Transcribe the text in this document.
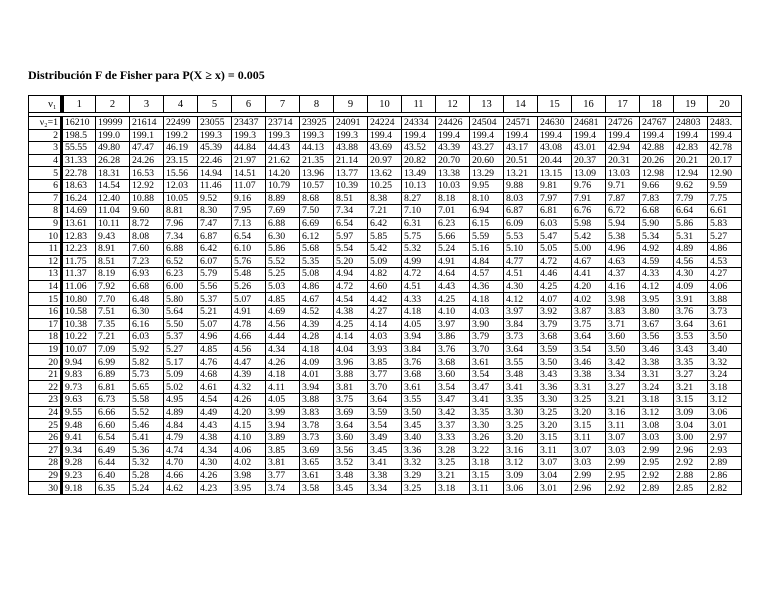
Distribución F de Fisher para P(X ≥ x) = 0.005
ν₁	1	2	3	4	5	6	7	8	9	10	11	12	13	14	15	16	17	18	19	20

ν₂=1	16210	19999	21614	22499	23055	23437	23714	23925	24091	24224	24334	24426	24504	24571	24630	24681	24726	24767	24803	2483.
2	198.5	199.0	199.1	199.2	199.3	199.3	199.3	199.3	199.3	199.4	199.4	199.4	199.4	199.4	199.4	199.4	199.4	199.4	199.4	199.4
3	55.55	49.80	47.47	46.19	45.39	44.84	44.43	44.13	43.88	43.69	43.52	43.39	43.27	43.17	43.08	43.01	42.94	42.88	42.83	42.78
4	31.33	26.28	24.26	23.15	22.46	21.97	21.62	21.35	21.14	20.97	20.82	20.70	20.60	20.51	20.44	20.37	20.31	20.26	20.21	20.17
5	22.78	18.31	16.53	15.56	14.94	14.51	14.20	13.96	13.77	13.62	13.49	13.38	13.29	13.21	13.15	13.09	13.03	12.98	12.94	12.90
6	18.63	14.54	12.92	12.03	11.46	11.07	10.79	10.57	10.39	10.25	10.13	10.03	9.95	9.88	9.81	9.76	9.71	9.66	9.62	9.59
7	16.24	12.40	10.88	10.05	9.52	9.16	8.89	8.68	8.51	8.38	8.27	8.18	8.10	8.03	7.97	7.91	7.87	7.83	7.79	7.75
8	14.69	11.04	9.60	8.81	8.30	7.95	7.69	7.50	7.34	7.21	7.10	7.01	6.94	6.87	6.81	6.76	6.72	6.68	6.64	6.61
9	13.61	10.11	8.72	7.96	7.47	7.13	6.88	6.69	6.54	6.42	6.31	6.23	6.15	6.09	6.03	5.98	5.94	5.90	5.86	5.83
10	12.83	9.43	8.08	7.34	6.87	6.54	6.30	6.12	5.97	5.85	5.75	5.66	5.59	5.53	5.47	5.42	5.38	5.34	5.31	5.27
11	12.23	8.91	7.60	6.88	6.42	6.10	5.86	5.68	5.54	5.42	5.32	5.24	5.16	5.10	5.05	5.00	4.96	4.92	4.89	4.86
12	11.75	8.51	7.23	6.52	6.07	5.76	5.52	5.35	5.20	5.09	4.99	4.91	4.84	4.77	4.72	4.67	4.63	4.59	4.56	4.53
13	11.37	8.19	6.93	6.23	5.79	5.48	5.25	5.08	4.94	4.82	4.72	4.64	4.57	4.51	4.46	4.41	4.37	4.33	4.30	4.27
14	11.06	7.92	6.68	6.00	5.56	5.26	5.03	4.86	4.72	4.60	4.51	4.43	4.36	4.30	4.25	4.20	4.16	4.12	4.09	4.06
15	10.80	7.70	6.48	5.80	5.37	5.07	4.85	4.67	4.54	4.42	4.33	4.25	4.18	4.12	4.07	4.02	3.98	3.95	3.91	3.88
16	10.58	7.51	6.30	5.64	5.21	4.91	4.69	4.52	4.38	4.27	4.18	4.10	4.03	3.97	3.92	3.87	3.83	3.80	3.76	3.73
17	10.38	7.35	6.16	5.50	5.07	4.78	4.56	4.39	4.25	4.14	4.05	3.97	3.90	3.84	3.79	3.75	3.71	3.67	3.64	3.61
18	10.22	7.21	6.03	5.37	4.96	4.66	4.44	4.28	4.14	4.03	3.94	3.86	3.79	3.73	3.68	3.64	3.60	3.56	3.53	3.50
19	10.07	7.09	5.92	5.27	4.85	4.56	4.34	4.18	4.04	3.93	3.84	3.76	3.70	3.64	3.59	3.54	3.50	3.46	3.43	3.40
20	9.94	6.99	5.82	5.17	4.76	4.47	4.26	4.09	3.96	3.85	3.76	3.68	3.61	3.55	3.50	3.46	3.42	3.38	3.35	3.32
21	9.83	6.89	5.73	5.09	4.68	4.39	4.18	4.01	3.88	3.77	3.68	3.60	3.54	3.48	3.43	3.38	3.34	3.31	3.27	3.24
22	9.73	6.81	5.65	5.02	4.61	4.32	4.11	3.94	3.81	3.70	3.61	3.54	3.47	3.41	3.36	3.31	3.27	3.24	3.21	3.18
23	9.63	6.73	5.58	4.95	4.54	4.26	4.05	3.88	3.75	3.64	3.55	3.47	3.41	3.35	3.30	3.25	3.21	3.18	3.15	3.12
24	9.55	6.66	5.52	4.89	4.49	4.20	3.99	3.83	3.69	3.59	3.50	3.42	3.35	3.30	3.25	3.20	3.16	3.12	3.09	3.06
25	9.48	6.60	5.46	4.84	4.43	4.15	3.94	3.78	3.64	3.54	3.45	3.37	3.30	3.25	3.20	3.15	3.11	3.08	3.04	3.01
26	9.41	6.54	5.41	4.79	4.38	4.10	3.89	3.73	3.60	3.49	3.40	3.33	3.26	3.20	3.15	3.11	3.07	3.03	3.00	2.97
27	9.34	6.49	5.36	4.74	4.34	4.06	3.85	3.69	3.56	3.45	3.36	3.28	3.22	3.16	3.11	3.07	3.03	2.99	2.96	2.93
28	9.28	6.44	5.32	4.70	4.30	4.02	3.81	3.65	3.52	3.41	3.32	3.25	3.18	3.12	3.07	3.03	2.99	2.95	2.92	2.89
29	9.23	6.40	5.28	4.66	4.26	3.98	3.77	3.61	3.48	3.38	3.29	3.21	3.15	3.09	3.04	2.99	2.95	2.92	2.88	2.86
30	9.18	6.35	5.24	4.62	4.23	3.95	3.74	3.58	3.45	3.34	3.25	3.18	3.11	3.06	3.01	2.96	2.92	2.89	2.85	2.82
